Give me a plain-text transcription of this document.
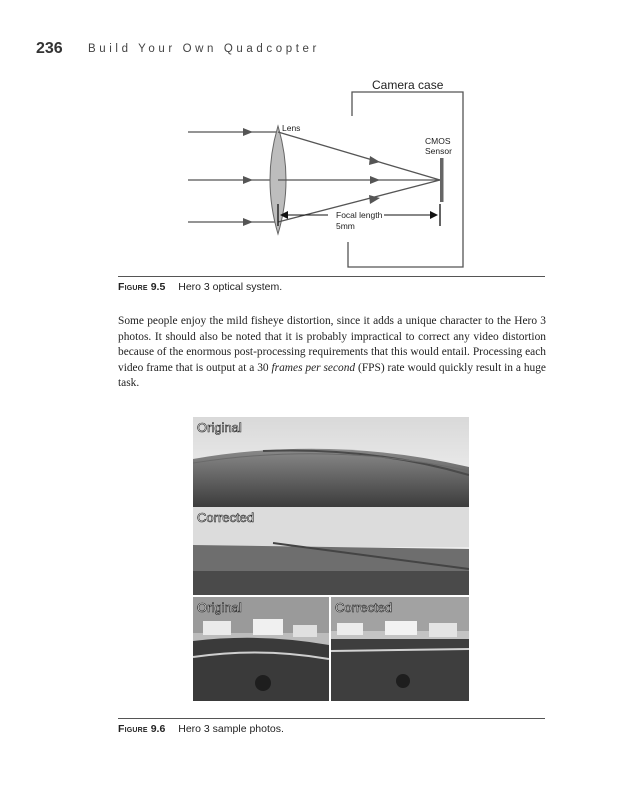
236 Build Your Own Quadcopter
Camera case
Lens
CMOS
Sensor
Focal length
5mm
Figure 9.5 Hero 3 optical system.
Some people enjoy the mild fisheye distortion, since it adds a unique character to the Hero 3 photos. It should also be noted that it is probably impractical to correct any video distortion because of the enormous post-processing requirements that this would entail. Processing each video frame that is output at a 30 frames per second (FPS) rate would quickly result in a huge task.
Original
Corrected
Original	Corrected
Figure 9.6 Hero 3 sample photos.
